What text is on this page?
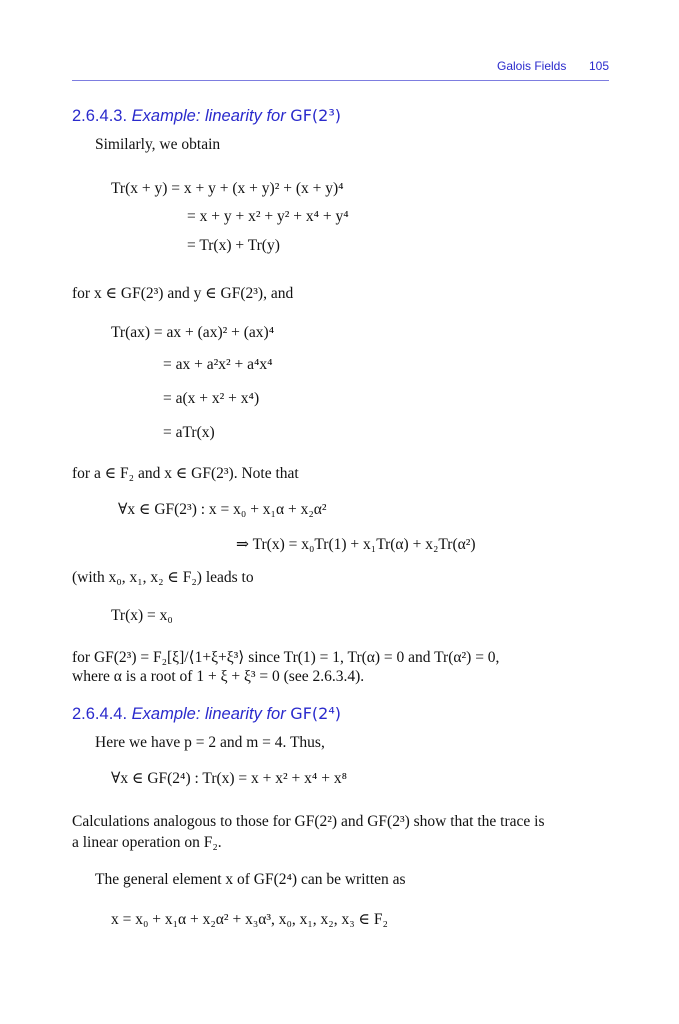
Galois Fields 105
2.6.4.3. Example: linearity for GF(2³)
Similarly, we obtain
Tr(x + y) = x + y + (x + y)² + (x + y)⁴
= x + y + x² + y² + x⁴ + y⁴
= Tr(x) + Tr(y)
for x ∈ GF(2³) and y ∈ GF(2³), and
Tr(ax) = ax + (ax)² + (ax)⁴
= ax + a²x² + a⁴x⁴
= a(x + x² + x⁴)
= aTr(x)
for a ∈ F₂ and x ∈ GF(2³). Note that
∀x ∈ GF(2³) : x = x₀ + x₁α + x₂α²
⇒ Tr(x) = x₀Tr(1) + x₁Tr(α) + x₂Tr(α²)
(with x₀, x₁, x₂ ∈ F₂) leads to
Tr(x) = x₀
for GF(2³) = F₂[ξ]/⟨1+ξ+ξ³⟩ since Tr(1) = 1, Tr(α) = 0 and Tr(α²) = 0,
where α is a root of 1 + ξ + ξ³ = 0 (see 2.6.3.4).
2.6.4.4. Example: linearity for GF(2⁴)
Here we have p = 2 and m = 4. Thus,
∀x ∈ GF(2⁴) : Tr(x) = x + x² + x⁴ + x⁸
Calculations analogous to those for GF(2²) and GF(2³) show that the trace is
a linear operation on F₂.
The general element x of GF(2⁴) can be written as
x = x₀ + x₁α + x₂α² + x₃α³, x₀, x₁, x₂, x₃ ∈ F₂
